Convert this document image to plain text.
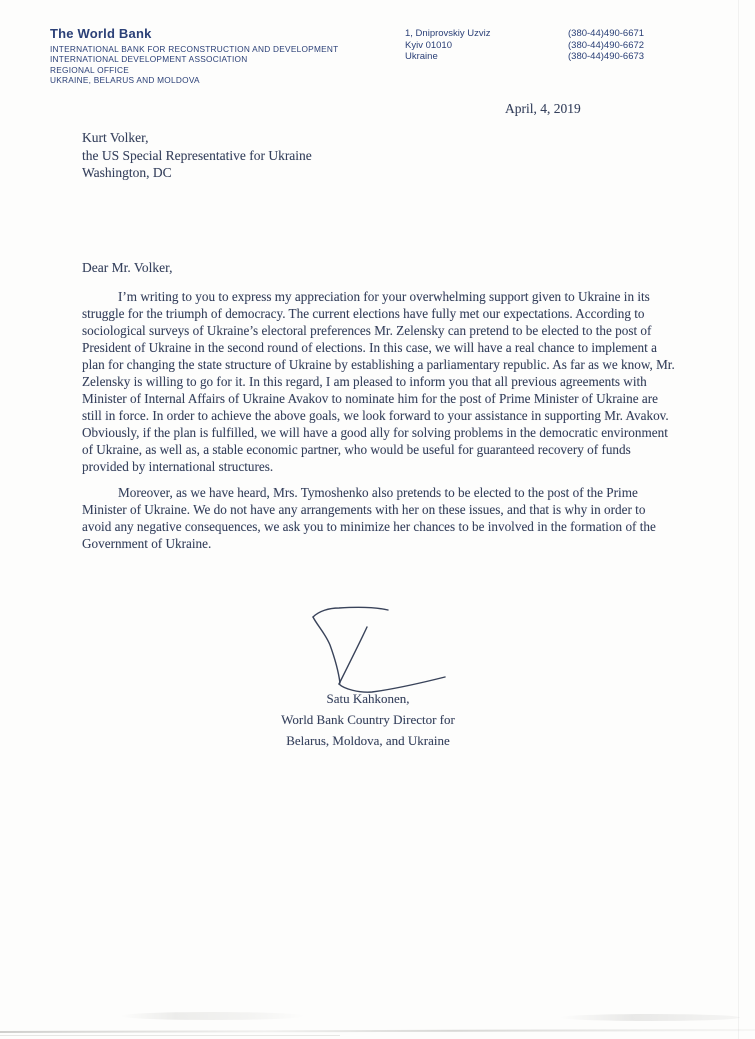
The World Bank
INTERNATIONAL BANK FOR RECONSTRUCTION AND DEVELOPMENT
INTERNATIONAL DEVELOPMENT ASSOCIATION
REGIONAL OFFICE
UKRAINE, BELARUS AND MOLDOVA
1, Dniprovskiy Uzviz
Kyiv 01010
Ukraine
(380-44)490-6671
(380-44)490-6672
(380-44)490-6673
April, 4, 2019
Kurt Volker,
the US Special Representative for Ukraine
Washington, DC
Dear Mr. Volker,

I’m writing to you to express my appreciation for your overwhelming support given to Ukraine in its struggle for the triumph of democracy. The current elections have fully met our expectations. According to sociological surveys of Ukraine’s electoral preferences Mr. Zelensky can pretend to be elected to the post of President of Ukraine in the second round of elections. In this case, we will have a real chance to implement a plan for changing the state structure of Ukraine by establishing a parliamentary republic. As far as we know, Mr. Zelensky is willing to go for it. In this regard, I am pleased to inform you that all previous agreements with Minister of Internal Affairs of Ukraine Avakov to nominate him for the post of Prime Minister of Ukraine are still in force. In order to achieve the above goals, we look forward to your assistance in supporting Mr. Avakov. Obviously, if the plan is fulfilled, we will have a good ally for solving problems in the democratic environment of Ukraine, as well as, a stable economic partner, who would be useful for guaranteed recovery of funds provided by international structures.

Moreover, as we have heard, Mrs. Tymoshenko also pretends to be elected to the post of the Prime Minister of Ukraine. We do not have any arrangements with her on these issues, and that is why in order to avoid any negative consequences, we ask you to minimize her chances to be involved in the formation of the Government of Ukraine.

Satu Kahkonen,
World Bank Country Director for
Belarus, Moldova, and Ukraine
